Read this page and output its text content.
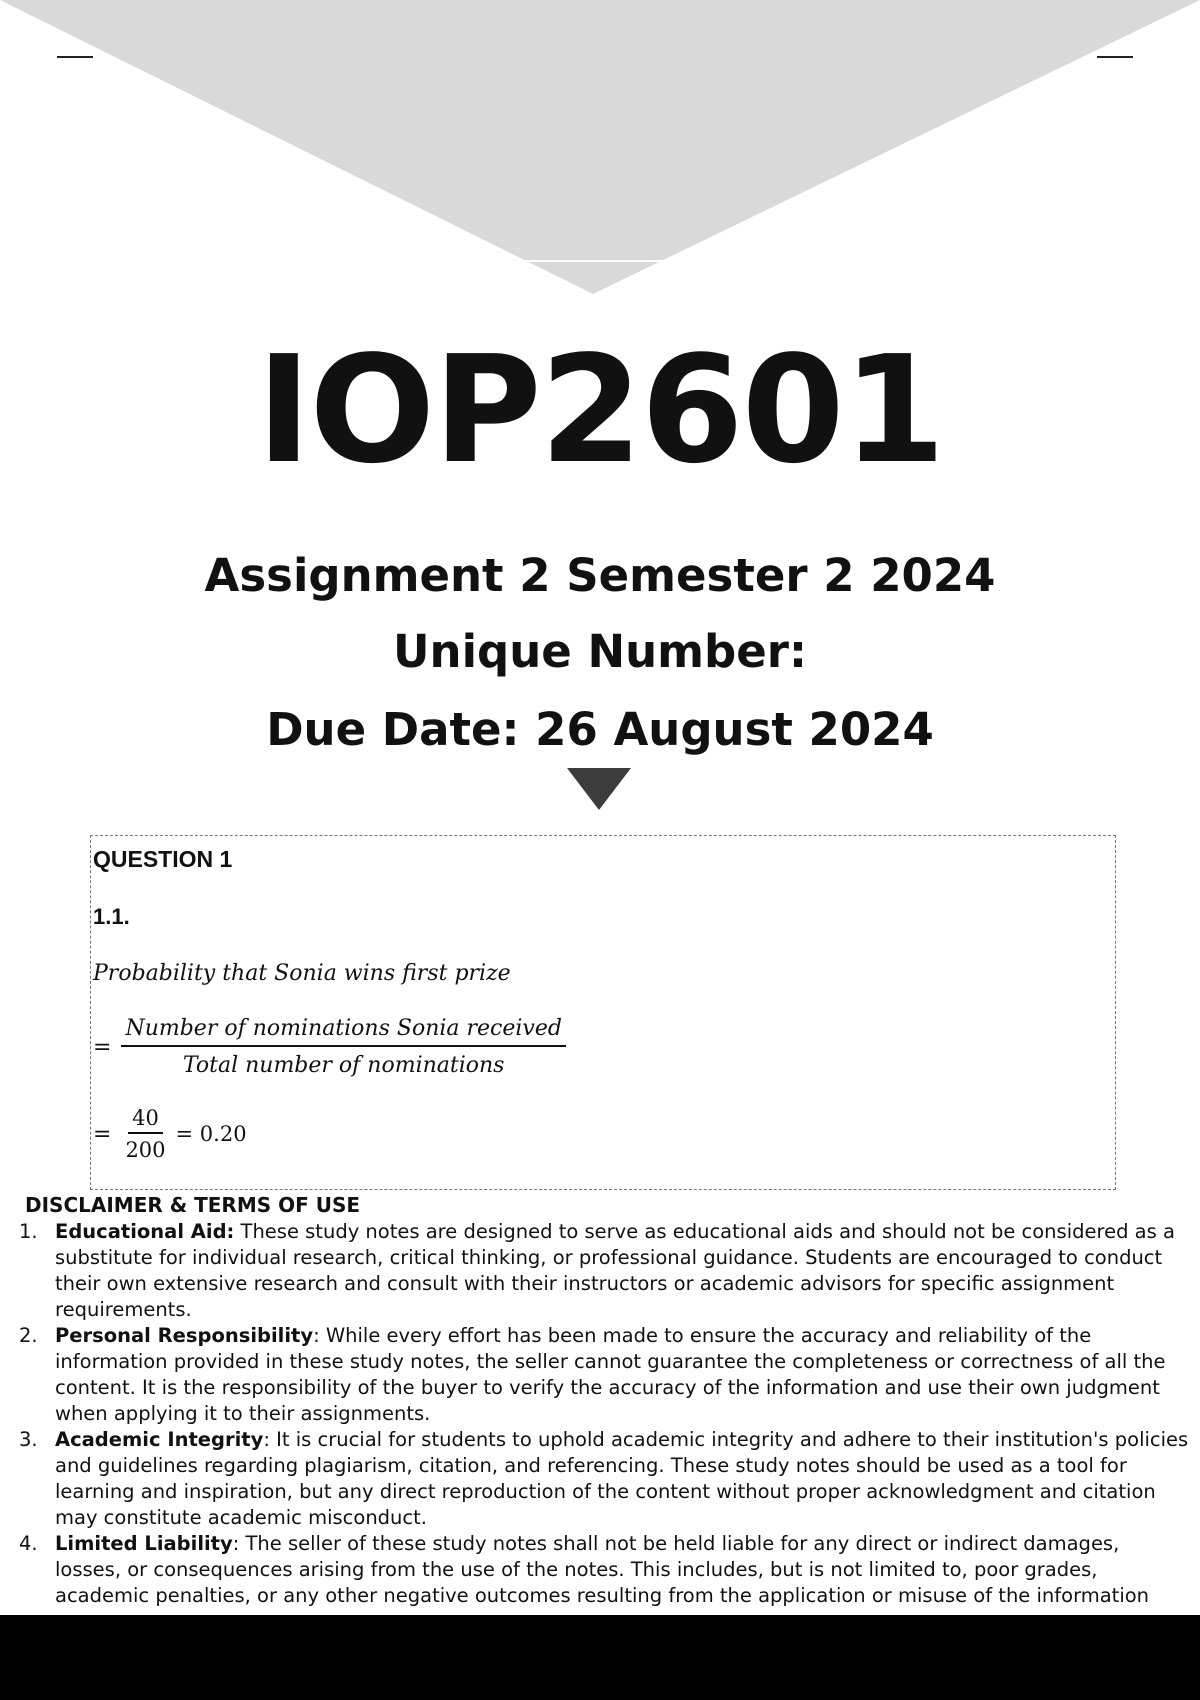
IOP2601
Assignment 2 Semester 2 2024
Unique Number:
Due Date: 26 August 2024
QUESTION 1
1.1.
Probability that Sonia wins first prize
= $\frac{\text{Number of nominations Sonia received}}{\text{Total number of nominations}}$
= $\frac{40}{200} = 0.20$
DISCLAIMER & TERMS OF USE
1. Educational Aid: These study notes are designed to serve as educational aids and should not be considered as a substitute for individual research, critical thinking, or professional guidance. Students are encouraged to conduct their own extensive research and consult with their instructors or academic advisors for specific assignment requirements.
2. Personal Responsibility: While every effort has been made to ensure the accuracy and reliability of the information provided in these study notes, the seller cannot guarantee the completeness or correctness of all the content. It is the responsibility of the buyer to verify the accuracy of the information and use their own judgment when applying it to their assignments.
3. Academic Integrity: It is crucial for students to uphold academic integrity and adhere to their institution's policies and guidelines regarding plagiarism, citation, and referencing. These study notes should be used as a tool for learning and inspiration, but any direct reproduction of the content without proper acknowledgment and citation may constitute academic misconduct.
4. Limited Liability: The seller of these study notes shall not be held liable for any direct or indirect damages, losses, or consequences arising from the use of the notes. This includes, but is not limited to, poor grades, academic penalties, or any other negative outcomes resulting from the application or misuse of the information
